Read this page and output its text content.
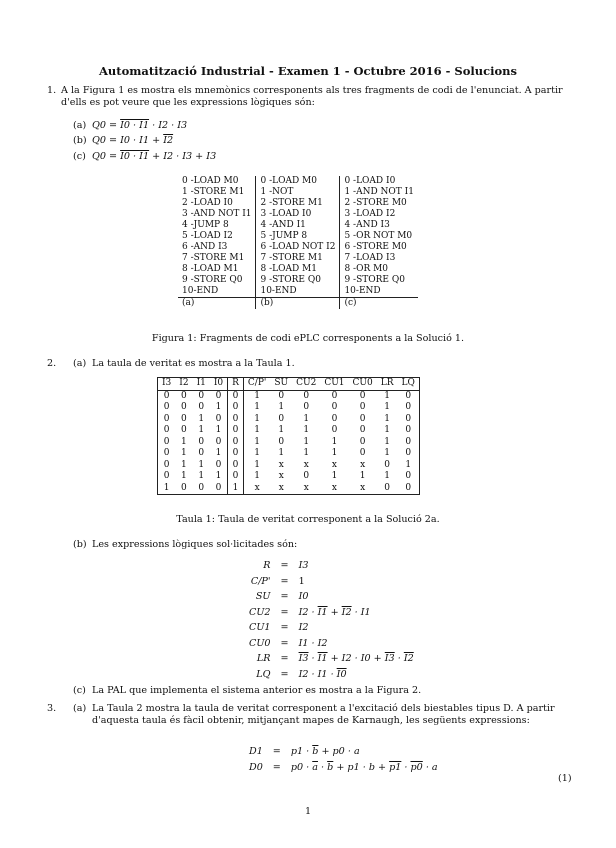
Automatització Industrial - Examen 1 - Octubre 2016 - Solucions
1. A la Figura 1 es mostra els mnemònics corresponents als tres fragments de codi de l'enunciat. A partir d'ells es pot veure que les expressions lògiques són:
(a) Q0 = I0 · I1 · I2 · I3
(b) Q0 = I0 · I1 + I2
(c) Q0 = I0 · I1 + I2 · I3 + I3
0 -LOAD M0	0 -LOAD M0	0 -LOAD I0
1 -STORE M1	1 -NOT	1 -AND NOT I1
2 -LOAD I0	2 -STORE M1	2 -STORE M0
3 -AND NOT I1	3 -LOAD I0	3 -LOAD I2
4 -JUMP 8	4 -AND I1	4 -AND I3
5 -LOAD I2	5 -JUMP 8	5 -OR NOT M0
6 -AND I3	6 -LOAD NOT I2	6 -STORE M0
7 -STORE M1	7 -STORE M1	7 -LOAD I3
8 -LOAD M1	8 -LOAD M1	8 -OR M0
9 -STORE Q0	9 -STORE Q0	9 -STORE Q0
10-END	10-END	10-END
(a)	(b)	(c)
Figura 1: Fragments de codi ePLC corresponents a la Solució 1.
2. (a) La taula de veritat es mostra a la Taula 1.
I3	I2	I1	I0	R	C/P'	SU	CU2	CU1	CU0	LR	LQ
0	0	0	0	0	1	0	0	0	0	1	0
0	0	0	1	0	1	1	0	0	0	1	0
0	0	1	0	0	1	0	1	0	0	1	0
0	0	1	1	0	1	1	1	0	0	1	0
0	1	0	0	0	1	0	1	1	0	1	0
0	1	0	1	0	1	1	1	1	0	1	0
0	1	1	0	0	1	x	x	x	x	0	1
0	1	1	1	0	1	x	0	1	1	1	0
1	0	0	0	1	x	x	x	x	x	0	0
Taula 1: Taula de veritat corresponent a la Solució 2a.
(b) Les expressions lògiques sol·licitades són:
R	=	I3
C/P'	=	1
SU	=	I0
CU2	=	I2 · I1 + I2 · I1
CU1	=	I2
CU0	=	I1 · I2
LR	=	I3 · I1 + I2 · I0 + I3 · I2
LQ	=	I2 · I1 · I0
(c) La PAL que implementa el sistema anterior es mostra a la Figura 2.
3. (a) La Taula 2 mostra la taula de veritat corresponent a l'excitació dels biestables tipus D. A partir d'aquesta taula és fàcil obtenir, mitjançant mapes de Karnaugh, les següents expressions:
D1	=	$p1 \cdot \overline{b} + p0 \cdot a$
D0	=	$p0 \cdot \overline{a} \cdot \overline{b} + p1 \cdot b + p1 \cdot p0 \cdot a$
(1)
1
